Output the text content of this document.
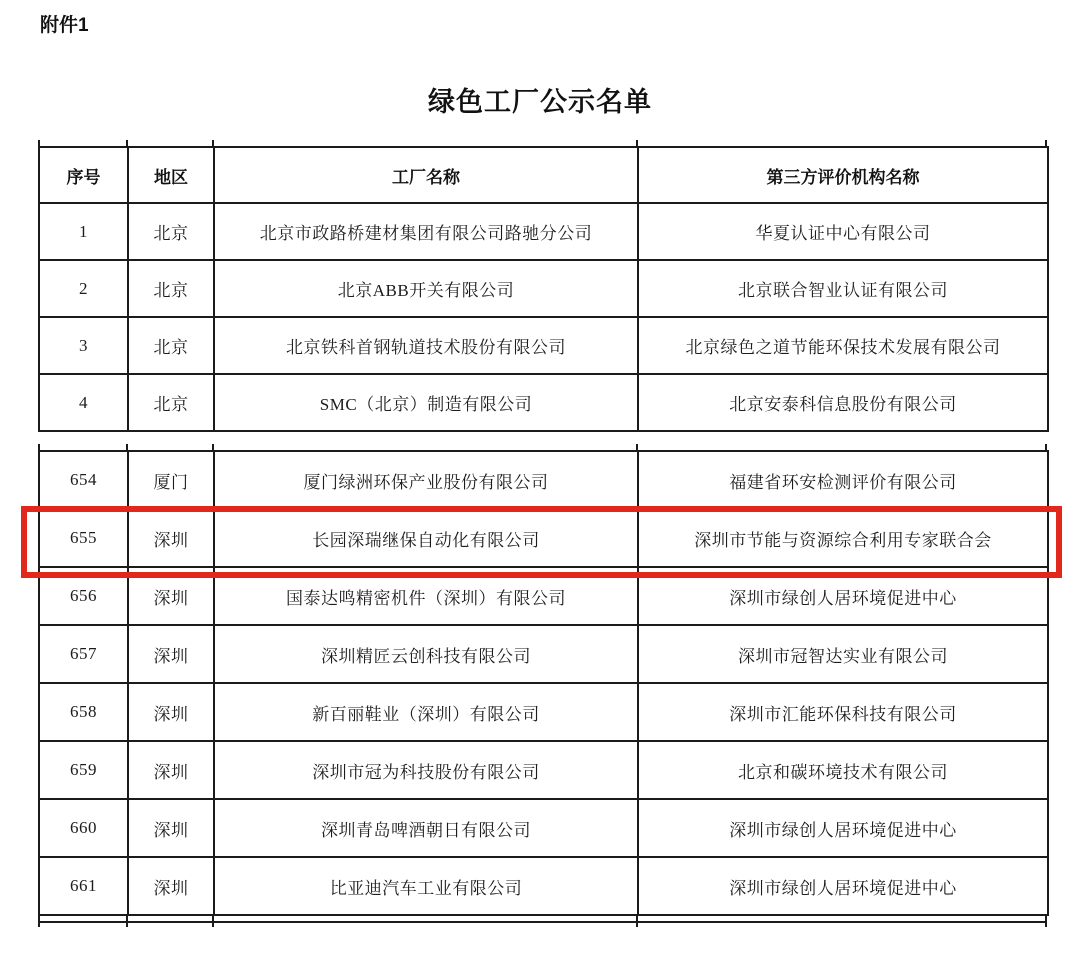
附件1
绿色工厂公示名单
序号	地区	工厂名称	第三方评价机构名称
1	北京	北京市政路桥建材集团有限公司路驰分公司	华夏认证中心有限公司
2	北京	北京ABB开关有限公司	北京联合智业认证有限公司
3	北京	北京铁科首钢轨道技术股份有限公司	北京绿色之道节能环保技术发展有限公司
4	北京	SMC（北京）制造有限公司	北京安泰科信息股份有限公司
654	厦门	厦门绿洲环保产业股份有限公司	福建省环安检测评价有限公司
655	深圳	长园深瑞继保自动化有限公司	深圳市节能与资源综合利用专家联合会
656	深圳	国泰达鸣精密机件（深圳）有限公司	深圳市绿创人居环境促进中心
657	深圳	深圳精匠云创科技有限公司	深圳市冠智达实业有限公司
658	深圳	新百丽鞋业（深圳）有限公司	深圳市汇能环保科技有限公司
659	深圳	深圳市冠为科技股份有限公司	北京和碳环境技术有限公司
660	深圳	深圳青岛啤酒朝日有限公司	深圳市绿创人居环境促进中心
661	深圳	比亚迪汽车工业有限公司	深圳市绿创人居环境促进中心
